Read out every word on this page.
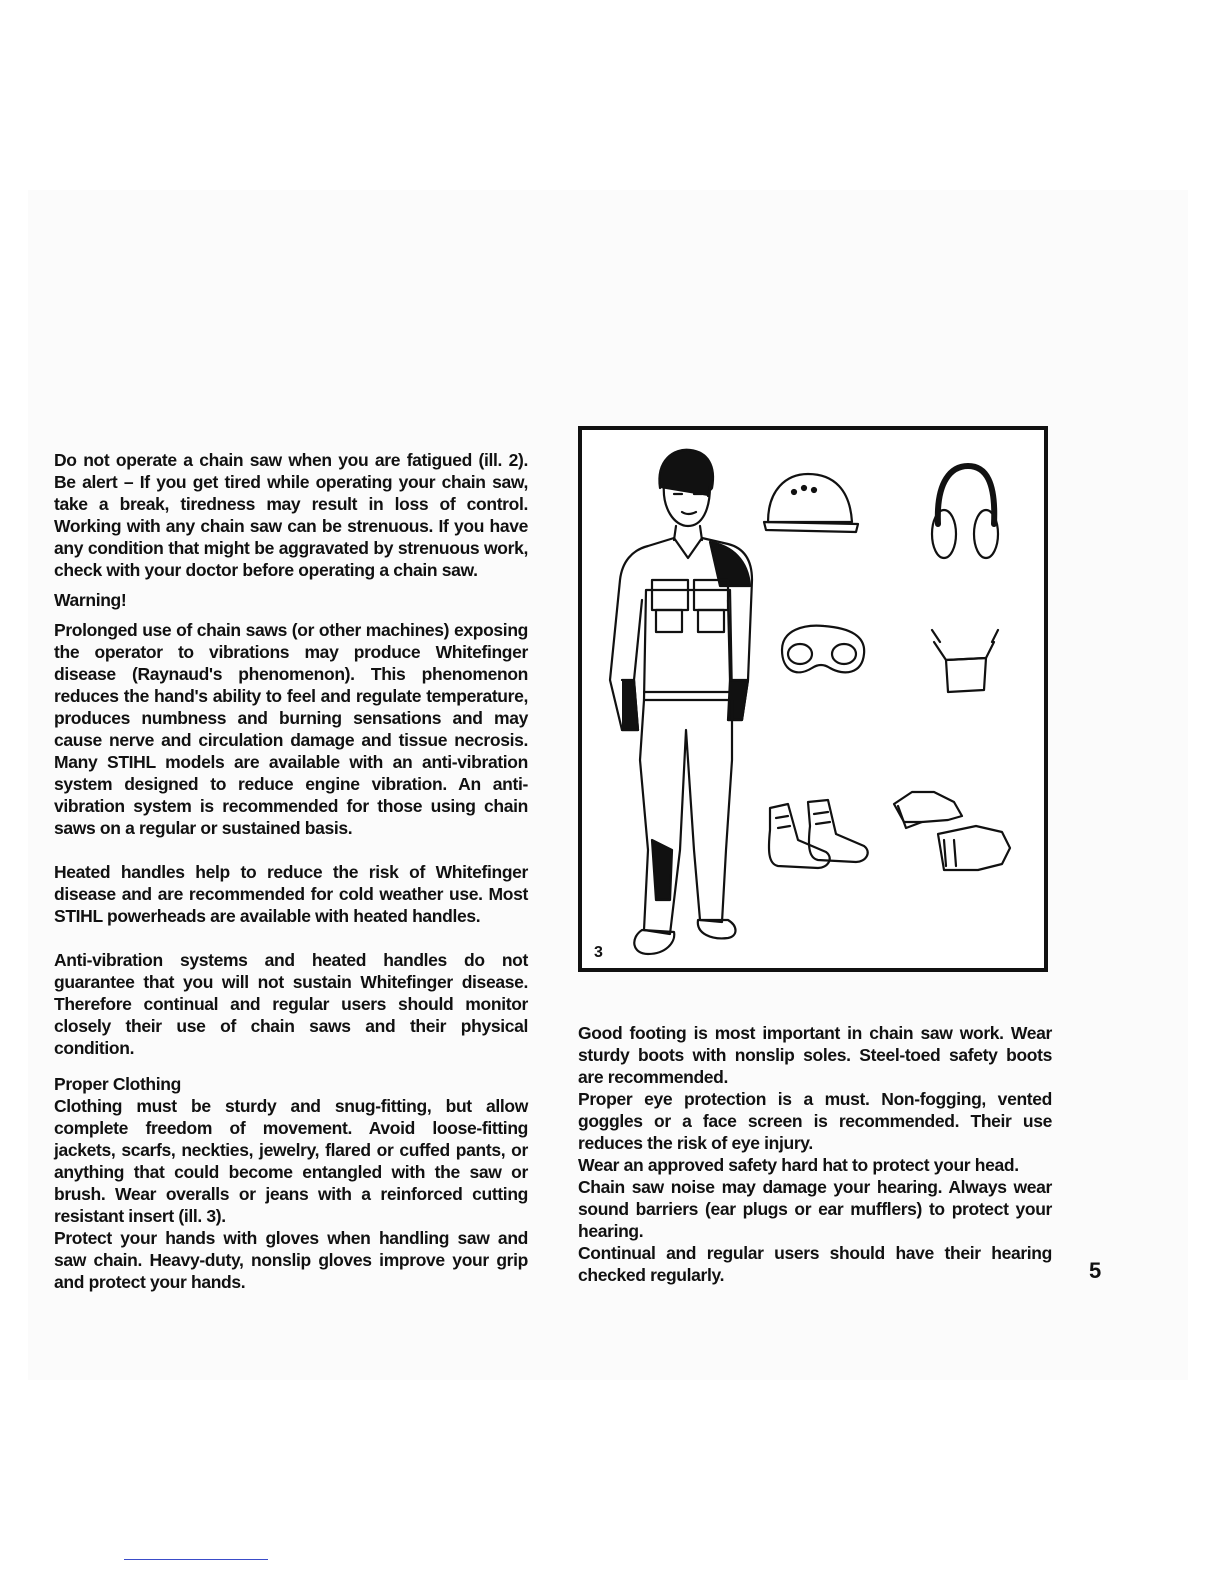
Do not operate a chain saw when you are fatigued (ill. 2). Be alert – If you get tired while operating your chain saw, take a break, tiredness may result in loss of control. Working with any chain saw can be strenuous. If you have any condition that might be aggravated by strenuous work, check with your doctor before operating a chain saw.

Warning!

Prolonged use of chain saws (or other machines) exposing the operator to vibrations may produce Whitefinger disease (Raynaud's phenomenon). This phenomenon reduces the hand's ability to feel and regulate temperature, produces numbness and burning sensations and may cause nerve and circulation damage and tissue necrosis. Many STIHL models are available with an anti-vibration system designed to reduce engine vibration. An anti-vibration system is recommended for those using chain saws on a regular or sustained basis.

Heated handles help to reduce the risk of Whitefinger disease and are recommended for cold weather use. Most STIHL powerheads are available with heated handles.

Anti-vibration systems and heated handles do not guarantee that you will not sustain Whitefinger disease. Therefore continual and regular users should monitor closely their use of chain saws and their physical condition.

Proper Clothing

Clothing must be sturdy and snug-fitting, but allow complete freedom of movement. Avoid loose-fitting jackets, scarfs, neckties, jewelry, flared or cuffed pants, or anything that could become entangled with the saw or brush. Wear overalls or jeans with a reinforced cutting resistant insert (ill. 3).

Protect your hands with gloves when handling saw and saw chain. Heavy-duty, nonslip gloves improve your grip and protect your hands.

3

Good footing is most important in chain saw work. Wear sturdy boots with nonslip soles. Steel-toed safety boots are recommended.

Proper eye protection is a must. Non-fogging, vented goggles or a face screen is recommended. Their use reduces the risk of eye injury.

Wear an approved safety hard hat to protect your head.

Chain saw noise may damage your hearing. Always wear sound barriers (ear plugs or ear mufflers) to protect your hearing.

Continual and regular users should have their hearing checked regularly.	5
